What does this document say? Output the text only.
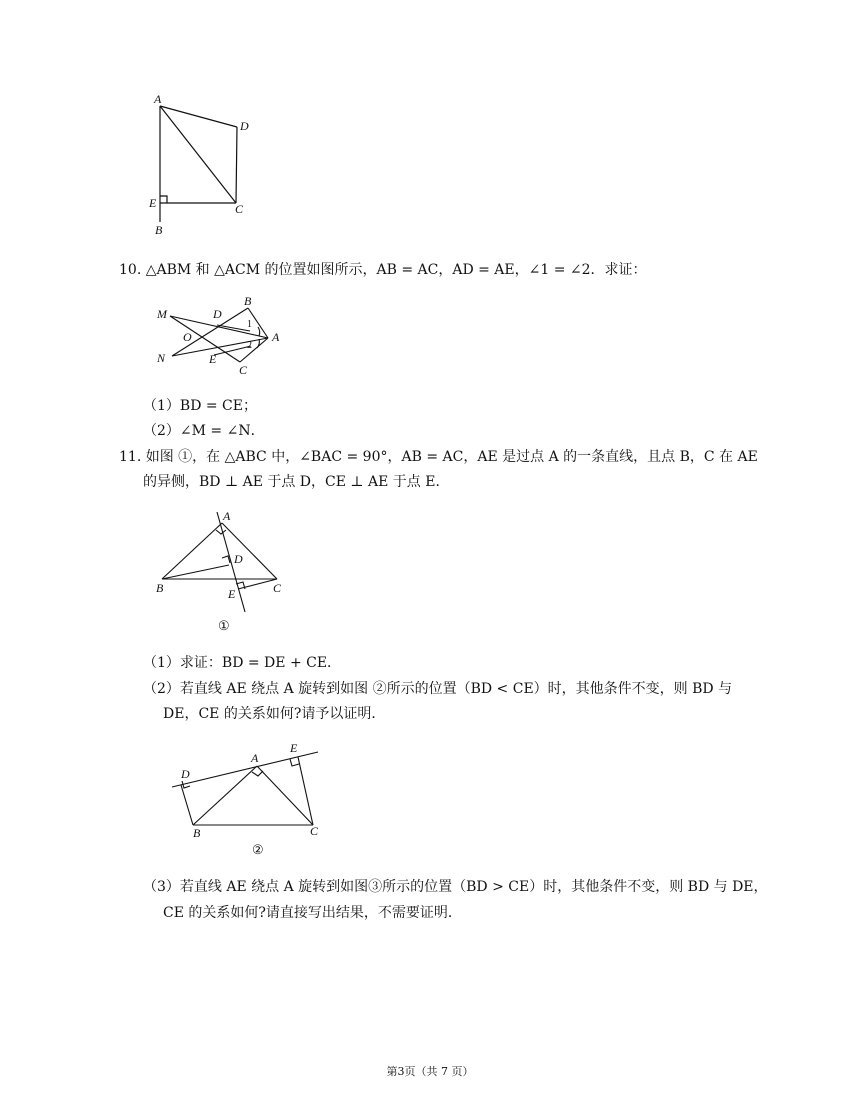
A
D
E	C
B
10. △ABM 和 △ACM 的位置如图所示，AB = AC，AD = AE，∠1 = ∠2．求证：
M
B
D
O	A
N	E
C
1
2
（1）BD = CE；
（2）∠M = ∠N．
11. 如图 ①，在 △ABC 中，∠BAC = 90°，AB = AC，AE 是过点 A 的一条直线，且点 B，C 在 AE
的异侧，BD ⊥ AE 于点 D，CE ⊥ AE 于点 E．
A
D
B	C
E
①
（1）求证：BD = DE + CE．
（2）若直线 AE 绕点 A 旋转到如图 ②所示的位置（BD < CE）时，其他条件不变，则 BD 与
DE，CE 的关系如何?请予以证明．
A
E
D
B	C
②
（3）若直线 AE 绕点 A 旋转到如图③所示的位置（BD > CE）时，其他条件不变，则 BD 与 DE，
CE 的关系如何?请直接写出结果，不需要证明．
第3页（共 7 页）
